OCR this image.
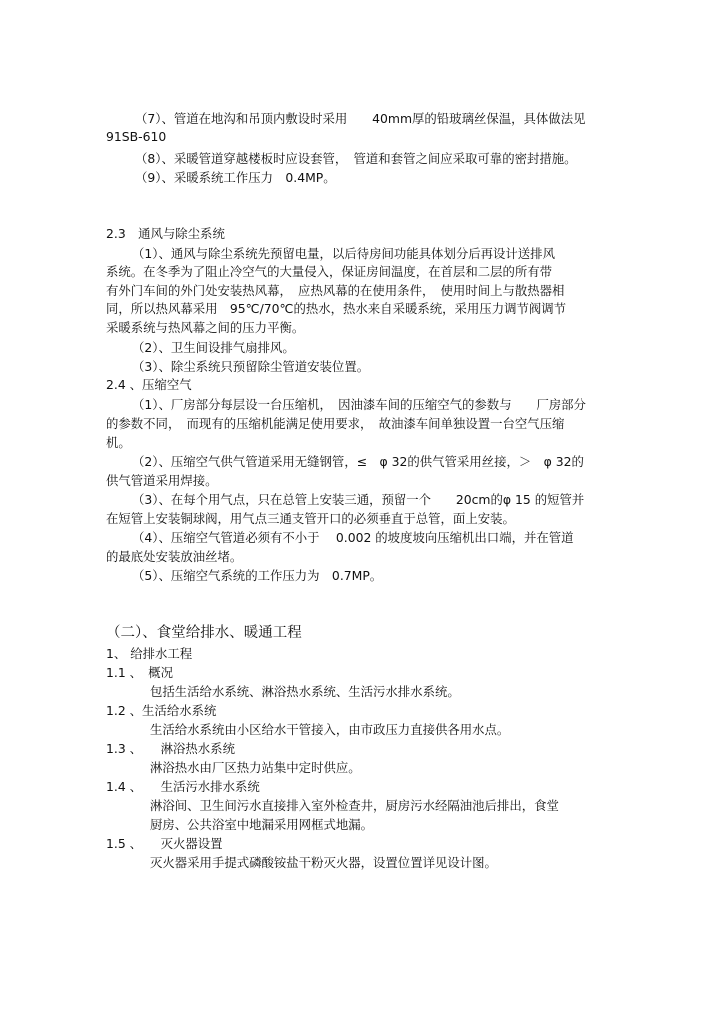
（7）、管道在地沟和吊顶内敷设时采用　　40mm厚的铅玻璃丝保温，具体做法见
91SB-610
（8）、采暖管道穿越楼板时应设套管，　管道和套管之间应采取可靠的密封措施。
（9）、采暖系统工作压力　0.4MP。
2.3　通风与除尘系统
（1）、通风与除尘系统先预留电量，以后待房间功能具体划分后再设计送排风
系统。在冬季为了阻止冷空气的大量侵入，保证房间温度，在首层和二层的所有带
有外门车间的外门处安装热风幕，　应热风幕的在使用条件，　使用时间上与散热器相
同，所以热风幕采用　95℃/70℃的热水，热水来自采暖系统，采用压力调节阀调节
采暖系统与热风幕之间的压力平衡。
（2）、卫生间设排气扇排风。
（3）、除尘系统只预留除尘管道安装位置。
2.4 、压缩空气
（1）、厂房部分每层设一台压缩机，　因油漆车间的压缩空气的参数与　　厂房部分
的参数不同，　而现有的压缩机能满足使用要求，　故油漆车间单独设置一台空气压缩
机。
（2）、压缩空气供气管道采用无缝钢管，≤　φ 32的供气管采用丝接，＞　φ 32的
供气管道采用焊接。
（3）、在每个用气点，只在总管上安装三通，预留一个　　20cm的φ 15 的短管并
在短管上安装铜球阀，用气点三通支管开口的必须垂直于总管，面上安装。
（4）、压缩空气管道必须有不小于　 0.002 的坡度坡向压缩机出口端，并在管道
的最底处安装放油丝堵。
（5）、压缩空气系统的工作压力为　0.7MP。
（二）、食堂给排水、暖通工程
1、 给排水工程
1.1 、　概况
包括生活给水系统、淋浴热水系统、生活污水排水系统。
1.2 、生活给水系统
生活给水系统由小区给水干管接入，由市政压力直接供各用水点。
1.3 、　　淋浴热水系统
淋浴热水由厂区热力站集中定时供应。
1.4 、　　生活污水排水系统
淋浴间、卫生间污水直接排入室外检查井，厨房污水经隔油池后排出，食堂
厨房、公共浴室中地漏采用网框式地漏。
1.5 、　　灭火器设置
灭火器采用手提式磷酸铵盐干粉灭火器，设置位置详见设计图。
